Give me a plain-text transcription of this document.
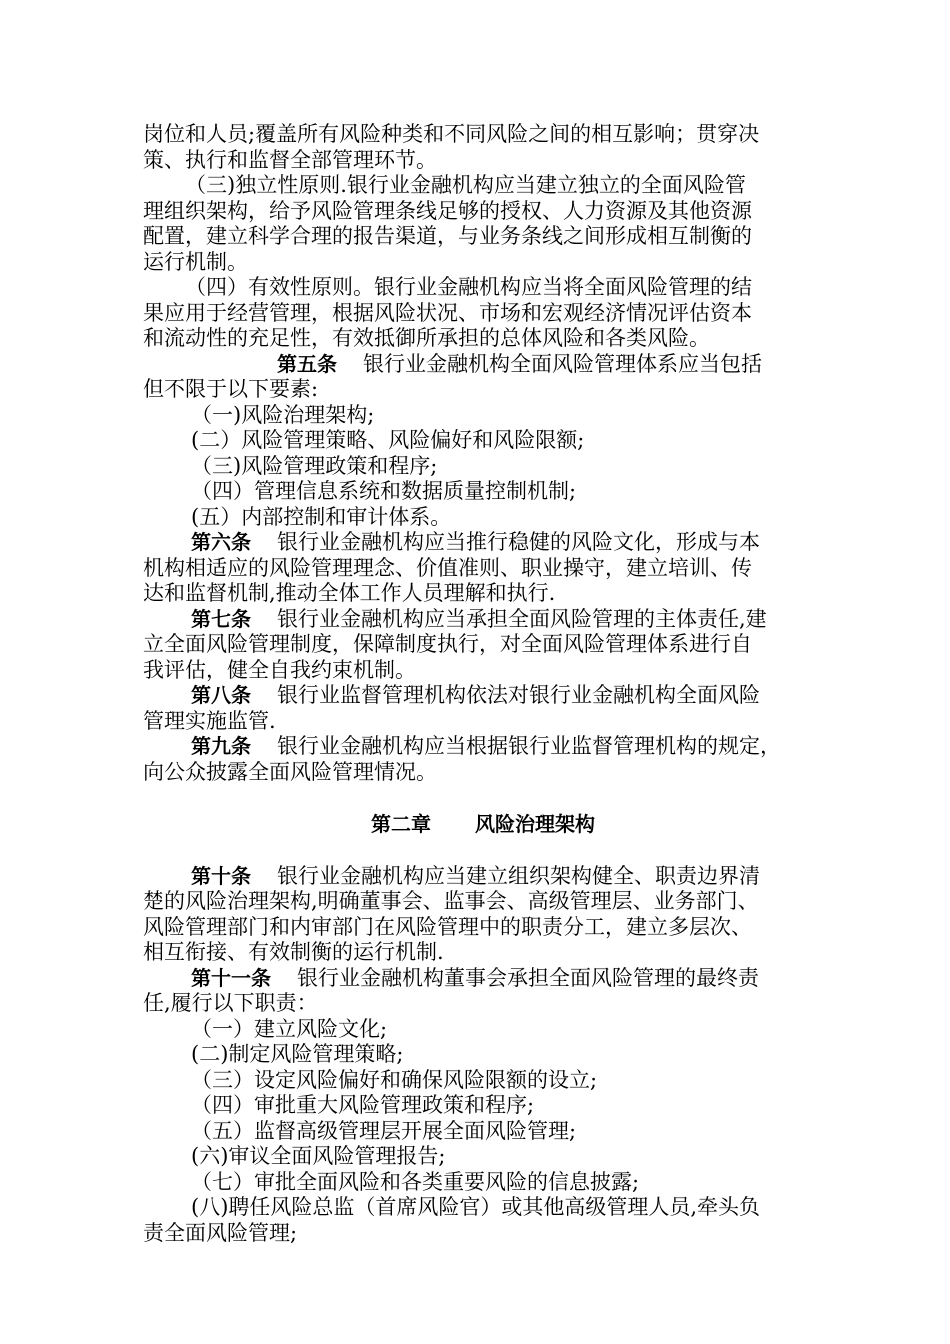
岗位和人员;覆盖所有风险种类和不同风险之间的相互影响；贯穿决
策、执行和监督全部管理环节。
（三)独立性原则.银行业金融机构应当建立独立的全面风险管
理组织架构，给予风险管理条线足够的授权、人力资源及其他资源
配置，建立科学合理的报告渠道，与业务条线之间形成相互制衡的
运行机制。
（四）有效性原则。银行业金融机构应当将全面风险管理的结
果应用于经营管理，根据风险状况、市场和宏观经济情况评估资本
和流动性的充足性，有效抵御所承担的总体风险和各类风险。
第五条 银行业金融机构全面风险管理体系应当包括
但不限于以下要素:
（一)风险治理架构;
(二）风险管理策略、风险偏好和风险限额;
（三)风险管理政策和程序;
（四）管理信息系统和数据质量控制机制;
(五）内部控制和审计体系。
第六条 银行业金融机构应当推行稳健的风险文化，形成与本
机构相适应的风险管理理念、价值准则、职业操守，建立培训、传
达和监督机制,推动全体工作人员理解和执行.
第七条 银行业金融机构应当承担全面风险管理的主体责任,建
立全面风险管理制度，保障制度执行，对全面风险管理体系进行自
我评估，健全自我约束机制。
第八条 银行业监督管理机构依法对银行业金融机构全面风险
管理实施监管.
第九条 银行业金融机构应当根据银行业监督管理机构的规定，
向公众披露全面风险管理情况。
第二章 风险治理架构
第十条 银行业金融机构应当建立组织架构健全、职责边界清
楚的风险治理架构,明确董事会、监事会、高级管理层、业务部门、
风险管理部门和内审部门在风险管理中的职责分工，建立多层次、
相互衔接、有效制衡的运行机制.
第十一条 银行业金融机构董事会承担全面风险管理的最终责
任,履行以下职责：
（一）建立风险文化;
(二)制定风险管理策略;
（三）设定风险偏好和确保风险限额的设立;
（四）审批重大风险管理政策和程序;
（五）监督高级管理层开展全面风险管理;
(六)审议全面风险管理报告;
（七）审批全面风险和各类重要风险的信息披露;
(八)聘任风险总监（首席风险官）或其他高级管理人员,牵头负
责全面风险管理;
